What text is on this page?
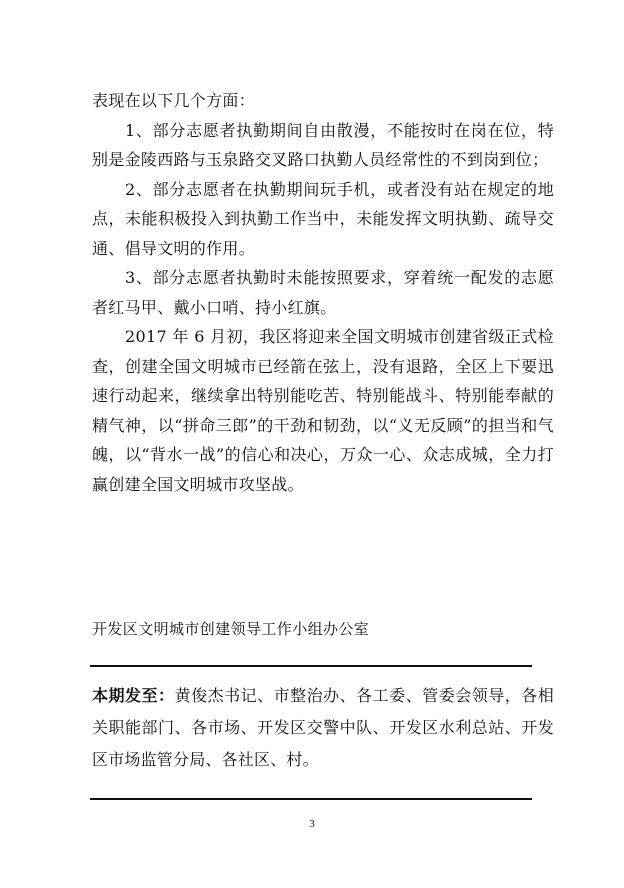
表现在以下几个方面：

1、部分志愿者执勤期间自由散漫，不能按时在岗在位，特别是金陵西路与玉泉路交叉路口执勤人员经常性的不到岗到位；

2、部分志愿者在执勤期间玩手机，或者没有站在规定的地点，未能积极投入到执勤工作当中，未能发挥文明执勤、疏导交通、倡导文明的作用。

3、部分志愿者执勤时未能按照要求，穿着统一配发的志愿者红马甲、戴小口哨、持小红旗。

2017 年 6 月初，我区将迎来全国文明城市创建省级正式检查，创建全国文明城市已经箭在弦上，没有退路，全区上下要迅速行动起来，继续拿出特别能吃苦、特别能战斗、特别能奉献的精气神，以“拼命三郎”的干劲和韧劲，以“义无反顾”的担当和气魄，以“背水一战”的信心和决心，万众一心、众志成城，全力打赢创建全国文明城市攻坚战。

开发区文明城市创建领导工作小组办公室
本期发至：黄俊杰书记、市整治办、各工委、管委会领导，各相关职能部门、各市场、开发区交警中队、开发区水利总站、开发区市场监管分局、各社区、村。
3
